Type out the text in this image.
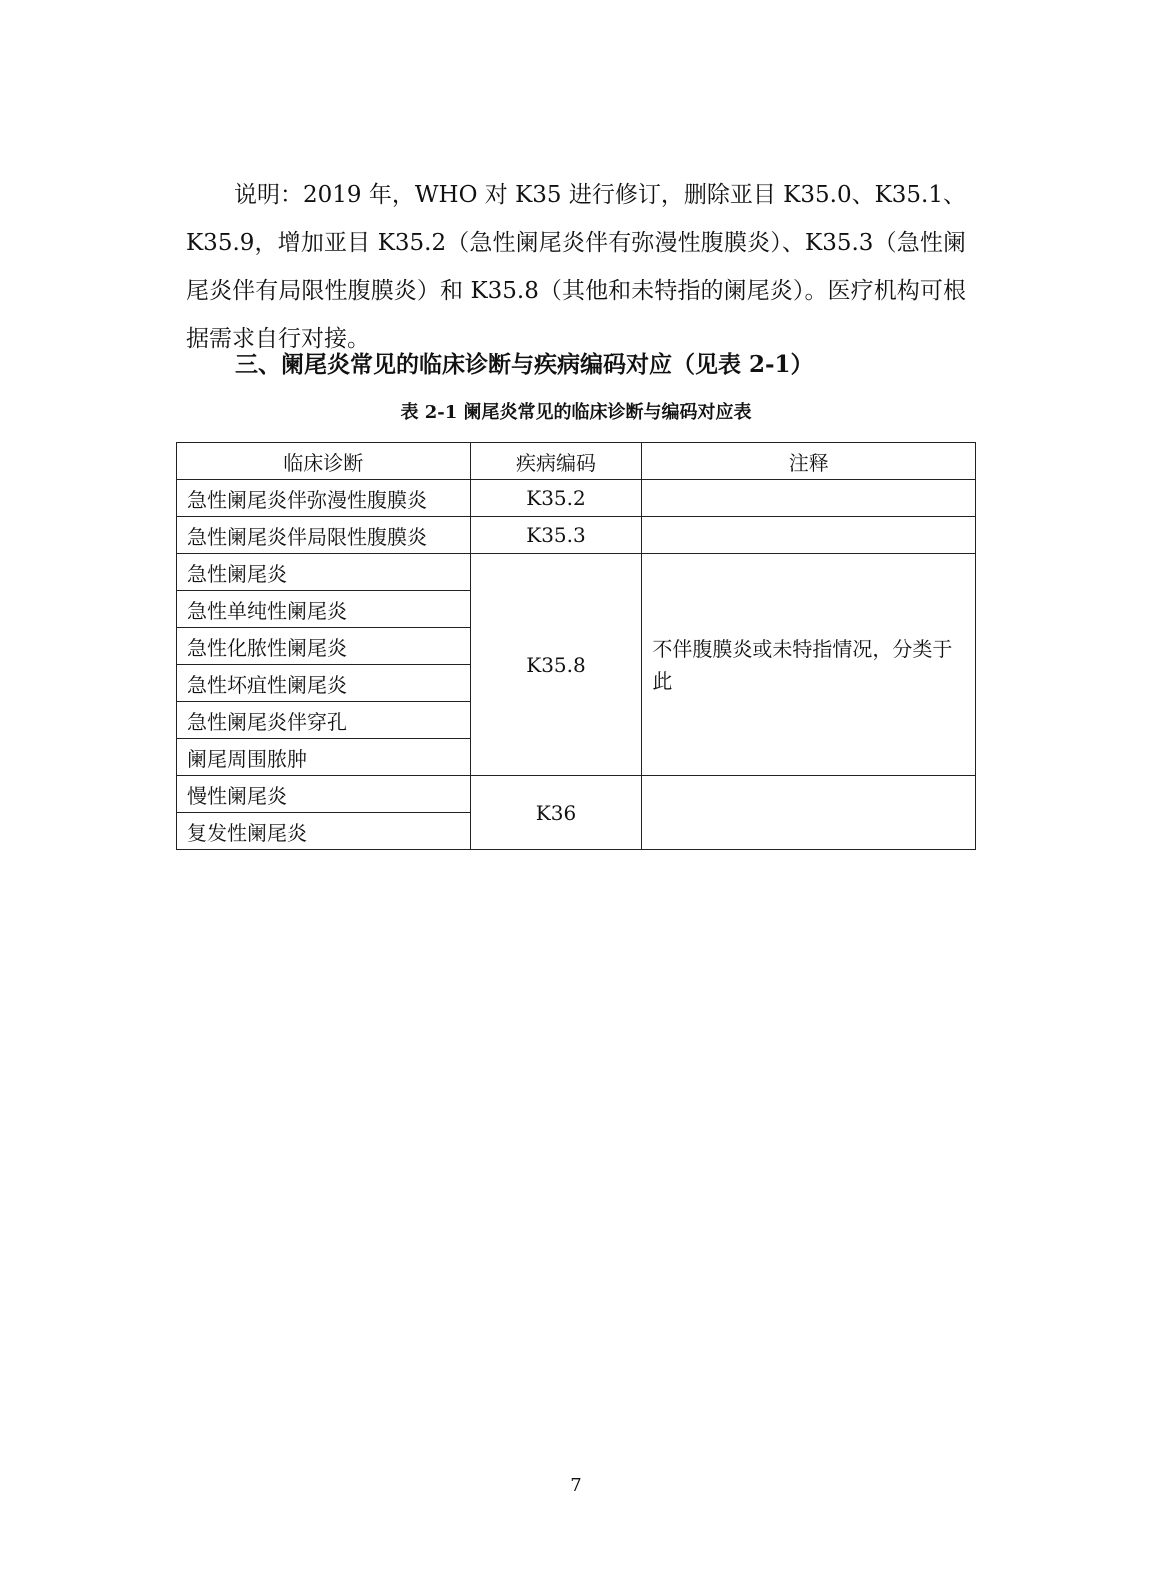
说明：2019 年，WHO 对 K35 进行修订，删除亚目 K35.0、K35.1、K35.9，增加亚目 K35.2（急性阑尾炎伴有弥漫性腹膜炎）、K35.3（急性阑尾炎伴有局限性腹膜炎）和 K35.8（其他和未特指的阑尾炎）。医疗机构可根据需求自行对接。

三、阑尾炎常见的临床诊断与疾病编码对应（见表 2-1）
表 2-1 阑尾炎常见的临床诊断与编码对应表
临床诊断	疾病编码	注释
急性阑尾炎伴弥漫性腹膜炎	K35.2	
急性阑尾炎伴局限性腹膜炎	K35.3	
急性阑尾炎	K35.8	不伴腹膜炎或未特指情况，分类于此
急性单纯性阑尾炎		
急性化脓性阑尾炎		
急性坏疽性阑尾炎		
急性阑尾炎伴穿孔		
阑尾周围脓肿		
慢性阑尾炎	K36	
复发性阑尾炎		
7
